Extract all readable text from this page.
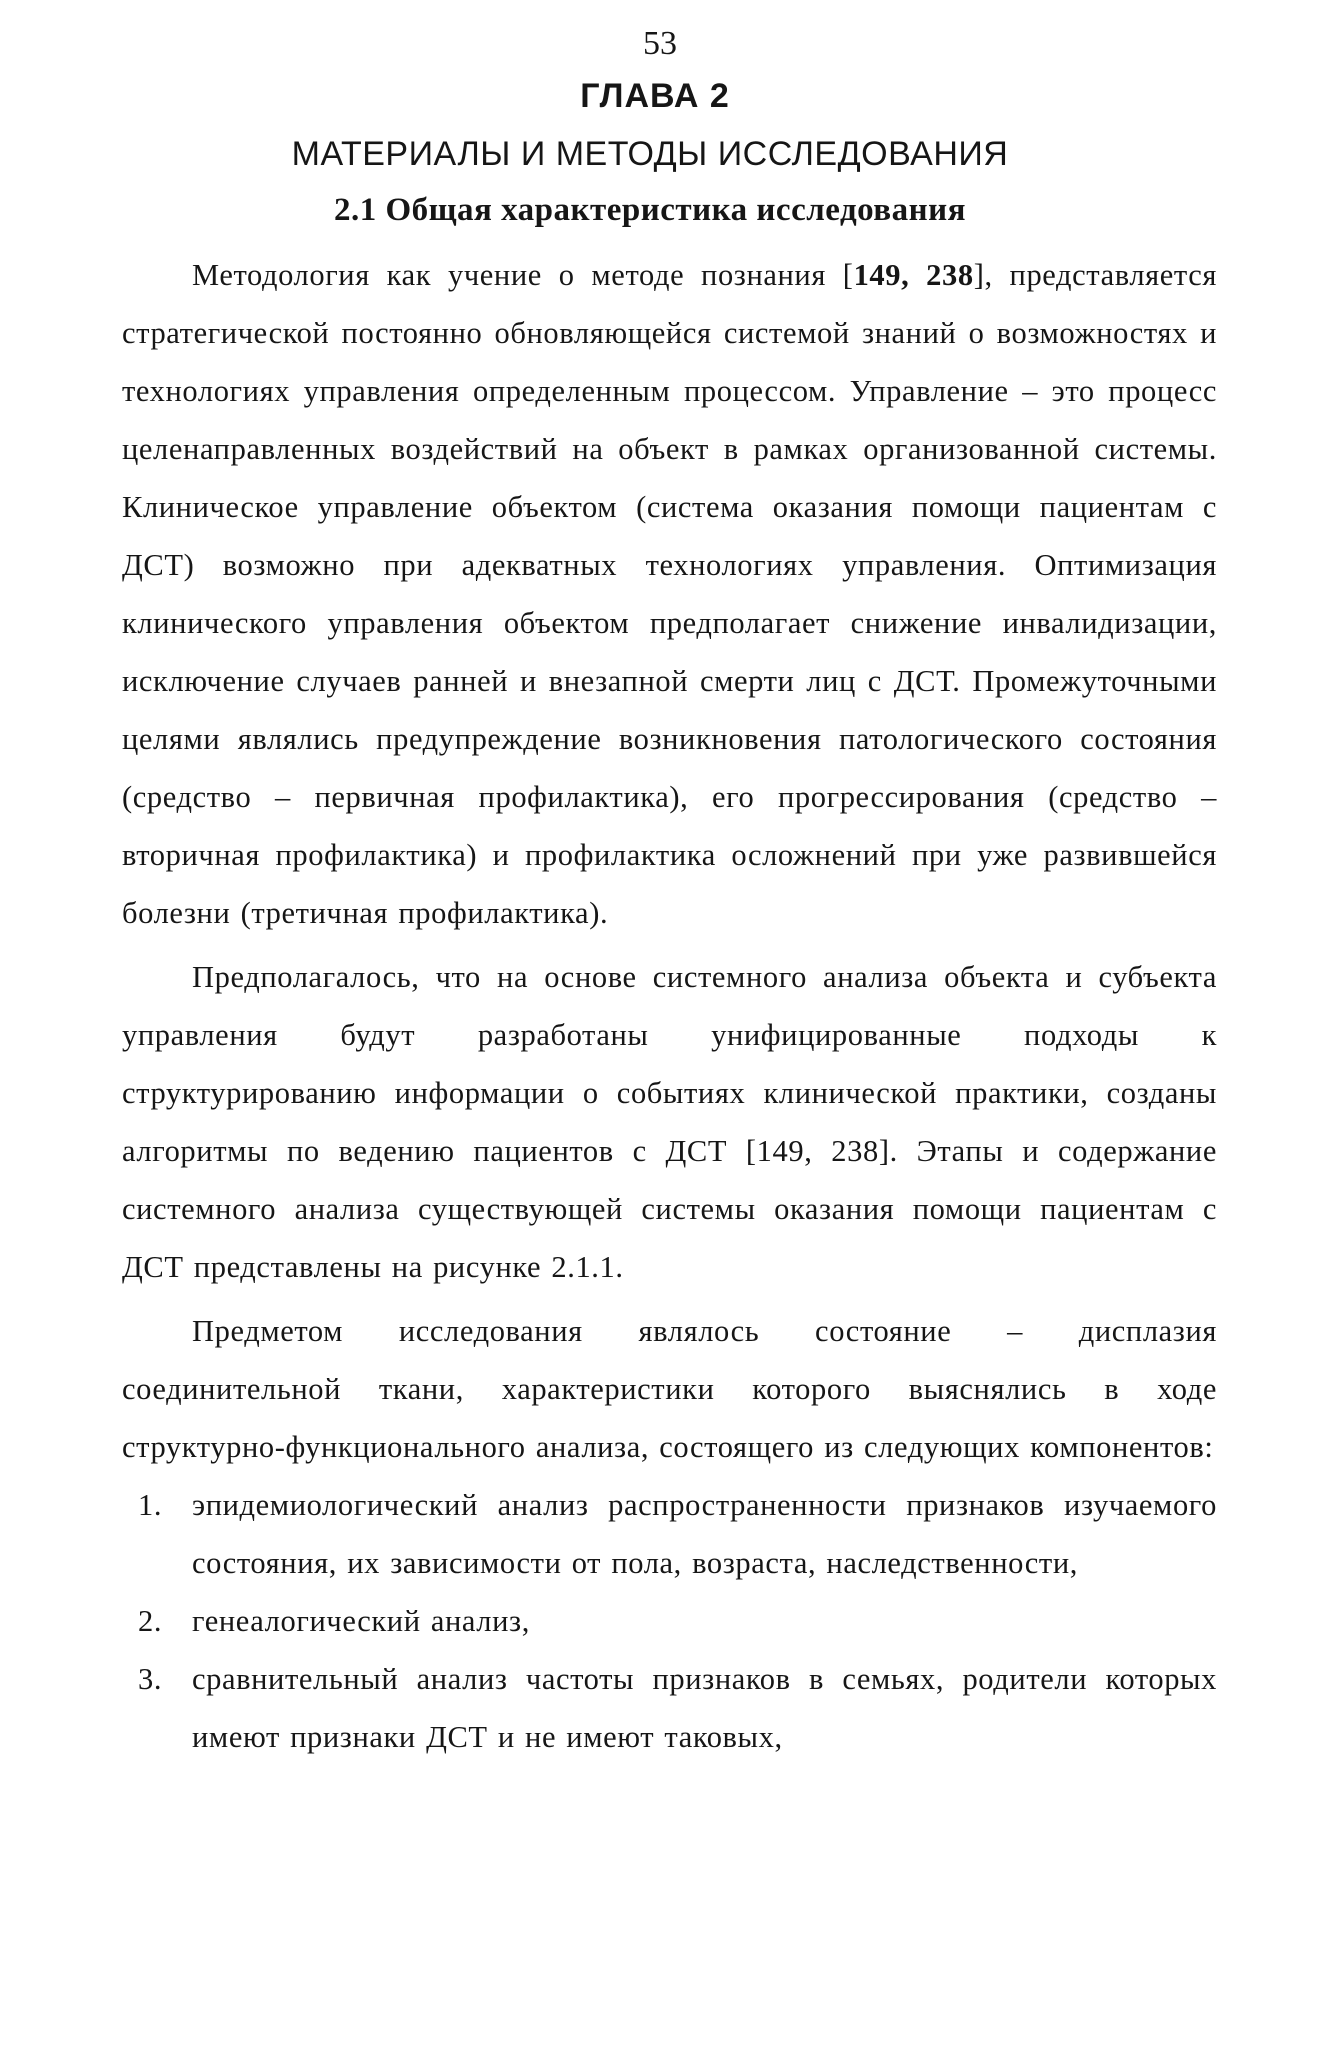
53
ГЛАВА 2
МАТЕРИАЛЫ И МЕТОДЫ ИССЛЕДОВАНИЯ
2.1 Общая характеристика исследования

Методология как учение о методе познания [149, 238], представляется стратегической постоянно обновляющейся системой знаний о возможностях и технологиях управления определенным процессом. Управление – это процесс целенаправленных воздействий на объект в рамках организованной системы. Клиническое управление объектом (система оказания помощи пациентам с ДСТ) возможно при адекватных технологиях управления. Оптимизация клинического управления объектом предполагает снижение инвалидизации, исключение случаев ранней и внезапной смерти лиц с ДСТ. Промежуточными целями являлись предупреждение возникновения патологического состояния (средство – первичная профилактика), его прогрессирования (средство – вторичная профилактика) и профилактика осложнений при уже развившейся болезни (третичная профилактика).

Предполагалось, что на основе системного анализа объекта и субъекта управления будут разработаны унифицированные подходы к структурированию информации о событиях клинической практики, созданы алгоритмы по ведению пациентов с ДСТ [149, 238]. Этапы и содержание системного анализа существующей системы оказания помощи пациентам с ДСТ представлены на рисунке 2.1.1.

Предметом исследования являлось состояние – дисплазия соединительной ткани, характеристики которого выяснялись в ходе структурно-функционального анализа, состоящего из следующих компонентов:

1. эпидемиологический анализ распространенности признаков изучаемого состояния, их зависимости от пола, возраста, наследственности,
2. генеалогический анализ,
3. сравнительный анализ частоты признаков в семьях, родители которых имеют признаки ДСТ и не имеют таковых,
